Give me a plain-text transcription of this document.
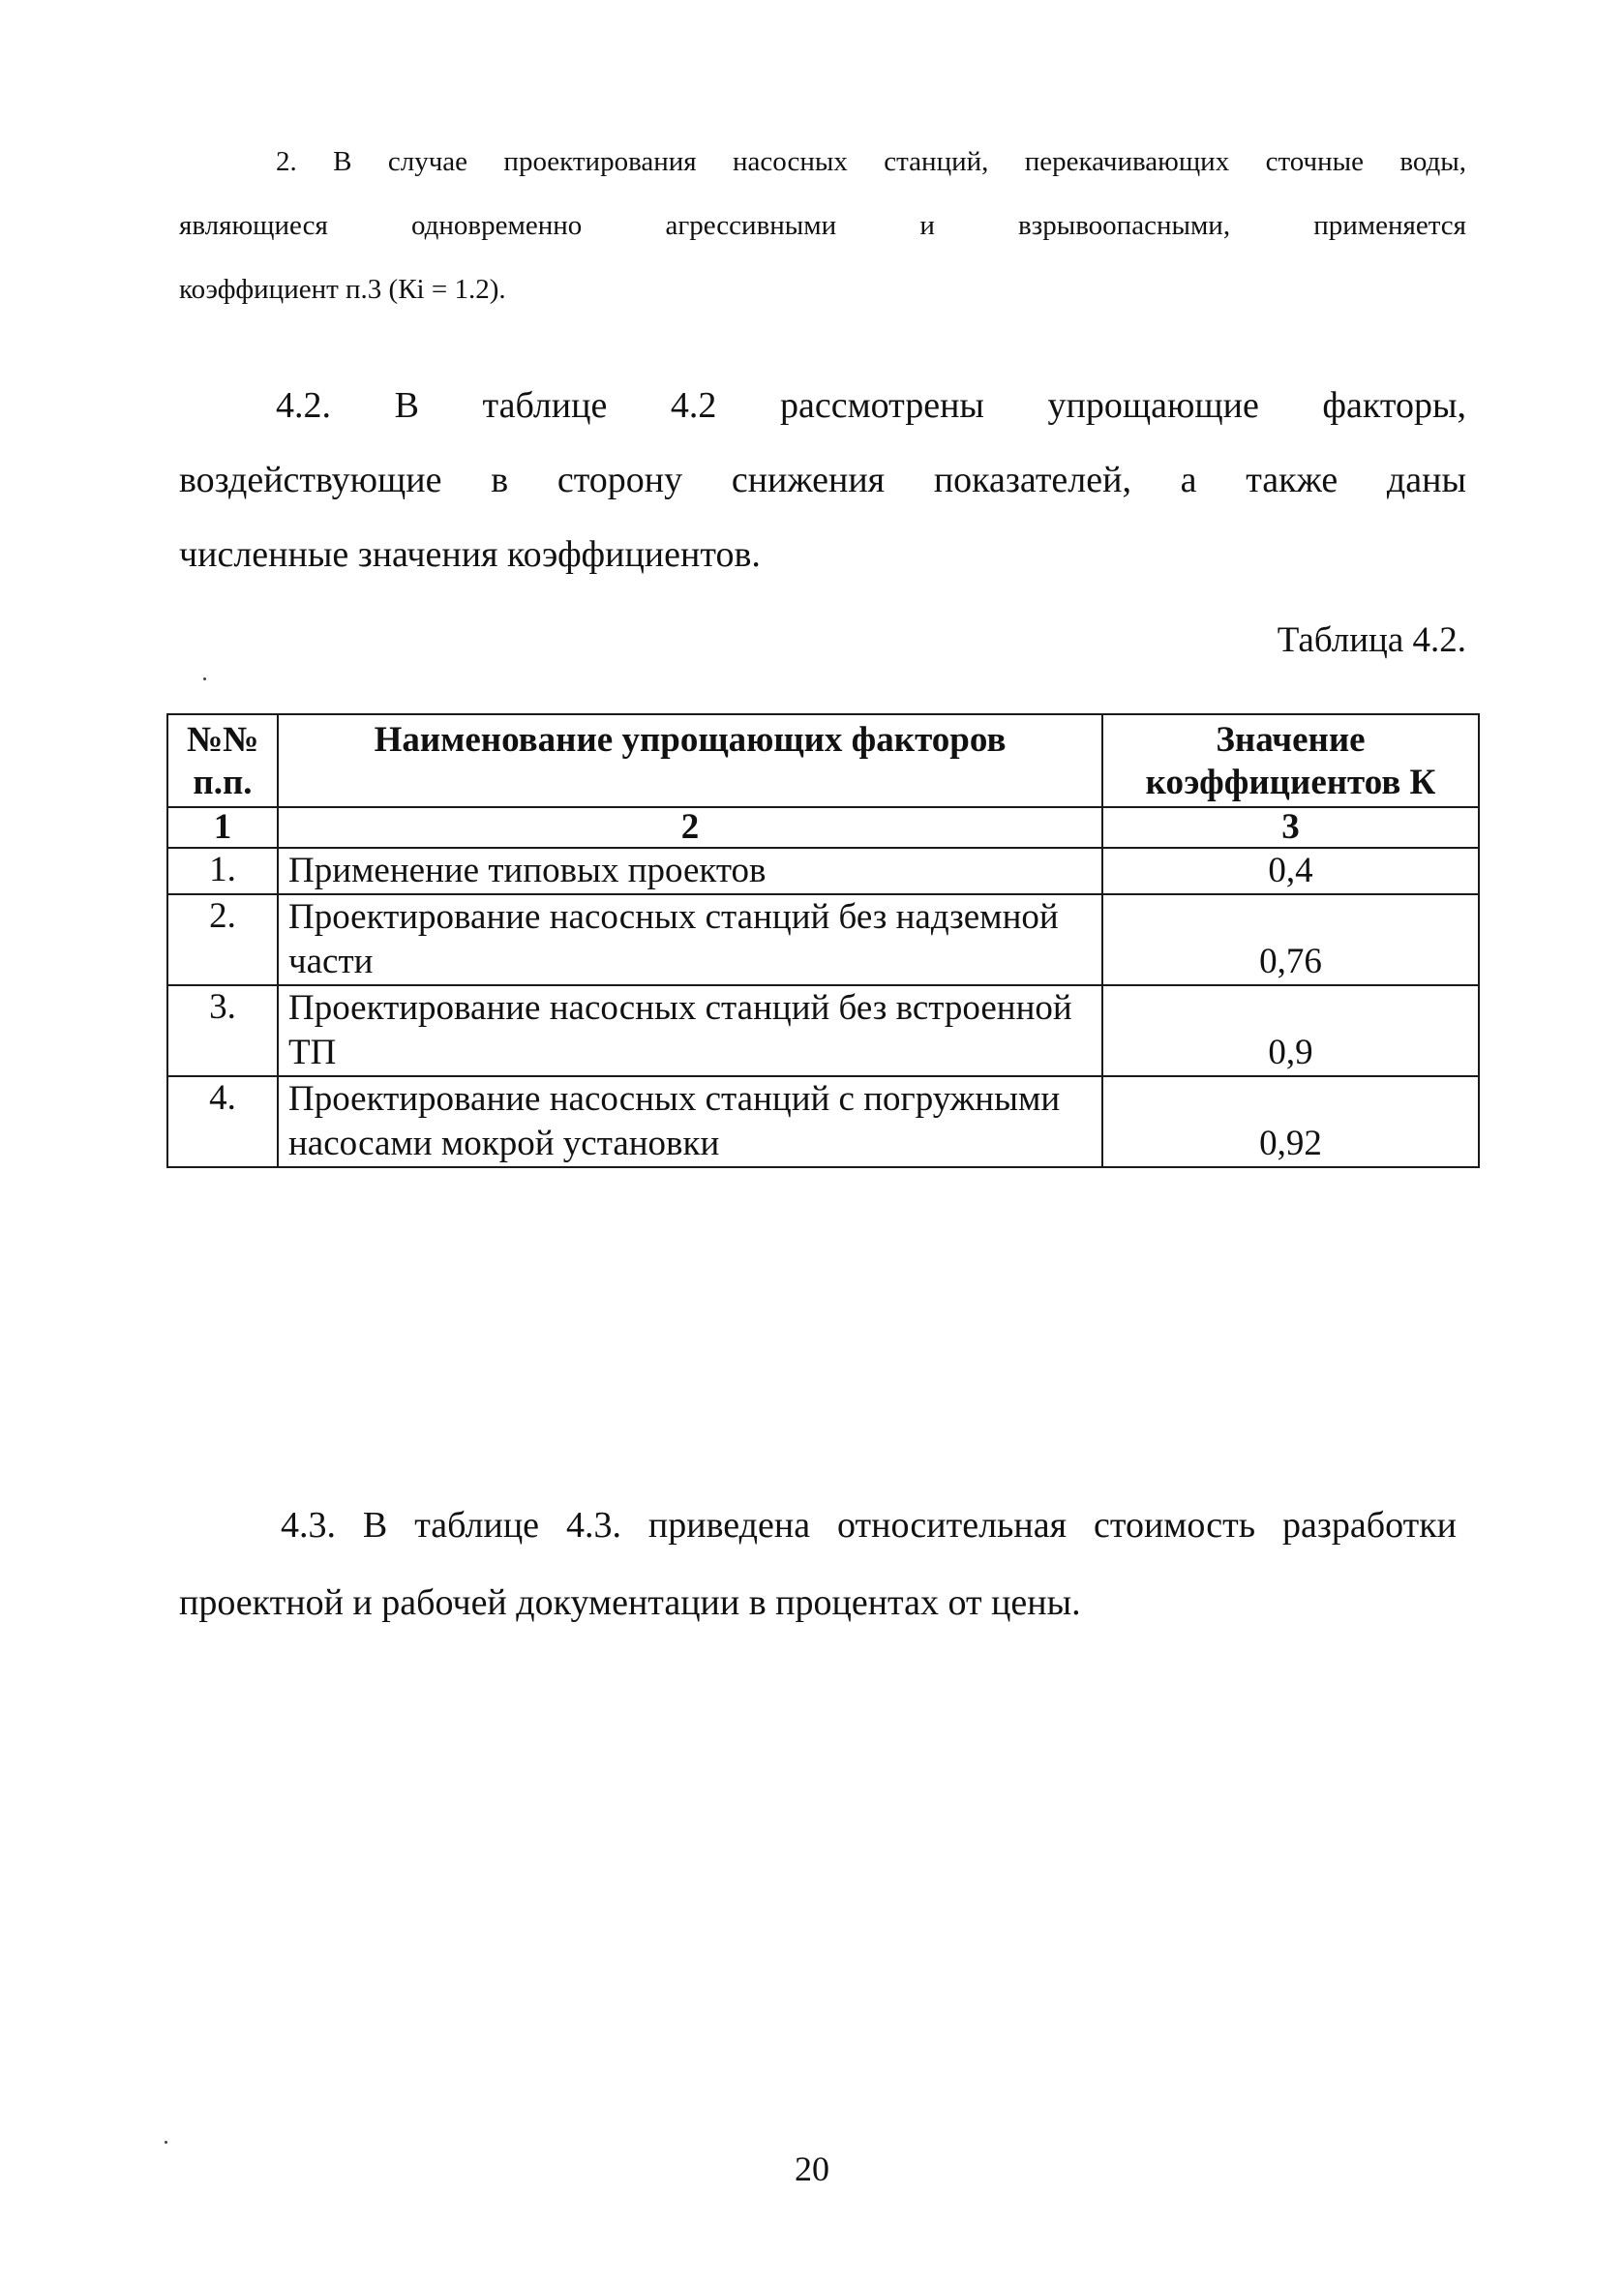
2. В случае проектирования насосных станций, перекачивающих сточные воды,
являющиеся одновременно агрессивными и взрывоопасными, применяется
коэффициент п.3 (Кi = 1.2).
4.2. В таблице 4.2 рассмотрены упрощающие факторы,
воздействующие в сторону снижения показателей, а также даны
численные значения коэффициентов.
Таблица 4.2.
№№ п.п.	Наименование упрощающих факторов	Значение коэффициентов К
1	2	3
1.	Применение типовых проектов	0,4
2.	Проектирование насосных станций без надземной части	0,76
3.	Проектирование насосных станций без встроенной ТП	0,9
4.	Проектирование насосных станций с погружными насосами мокрой установки	0,92
4.3. В таблице 4.3. приведена относительная стоимость разработки
проектной и рабочей документации в процентах от цены.
20
